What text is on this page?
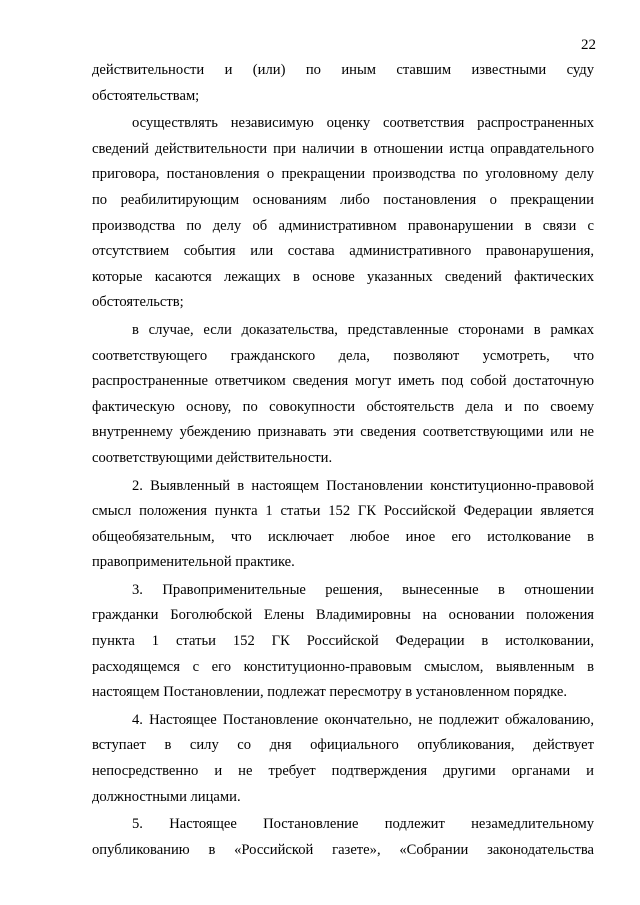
22
действительности и (или) по иным ставшим известными суду
обстоятельствам;
осуществлять независимую оценку соответствия распространенных
сведений действительности при наличии в отношении истца оправдательного
приговора, постановления о прекращении производства по уголовному делу
по реабилитирующим основаниям либо постановления о прекращении
производства по делу об административном правонарушении в связи с
отсутствием события или состава административного правонарушения,
которые касаются лежащих в основе указанных сведений фактических
обстоятельств;
в случае, если доказательства, представленные сторонами в рамках
соответствующего гражданского дела, позволяют усмотреть, что
распространенные ответчиком сведения могут иметь под собой достаточную
фактическую основу, по совокупности обстоятельств дела и по своему
внутреннему убеждению признавать эти сведения соответствующими или не
соответствующими действительности.
2. Выявленный в настоящем Постановлении конституционно-правовой
смысл положения пункта 1 статьи 152 ГК Российской Федерации является
общеобязательным, что исключает любое иное его истолкование в
правоприменительной практике.
3. Правоприменительные решения, вынесенные в отношении
гражданки Боголюбской Елены Владимировны на основании положения
пункта 1 статьи 152 ГК Российской Федерации в истолковании,
расходящемся с его конституционно-правовым смыслом, выявленным в
настоящем Постановлении, подлежат пересмотру в установленном порядке.
4. Настоящее Постановление окончательно, не подлежит обжалованию,
вступает в силу со дня официального опубликования, действует
непосредственно и не требует подтверждения другими органами и
должностными лицами.
5. Настоящее Постановление подлежит незамедлительному
опубликованию в «Российской газете», «Собрании законодательства
